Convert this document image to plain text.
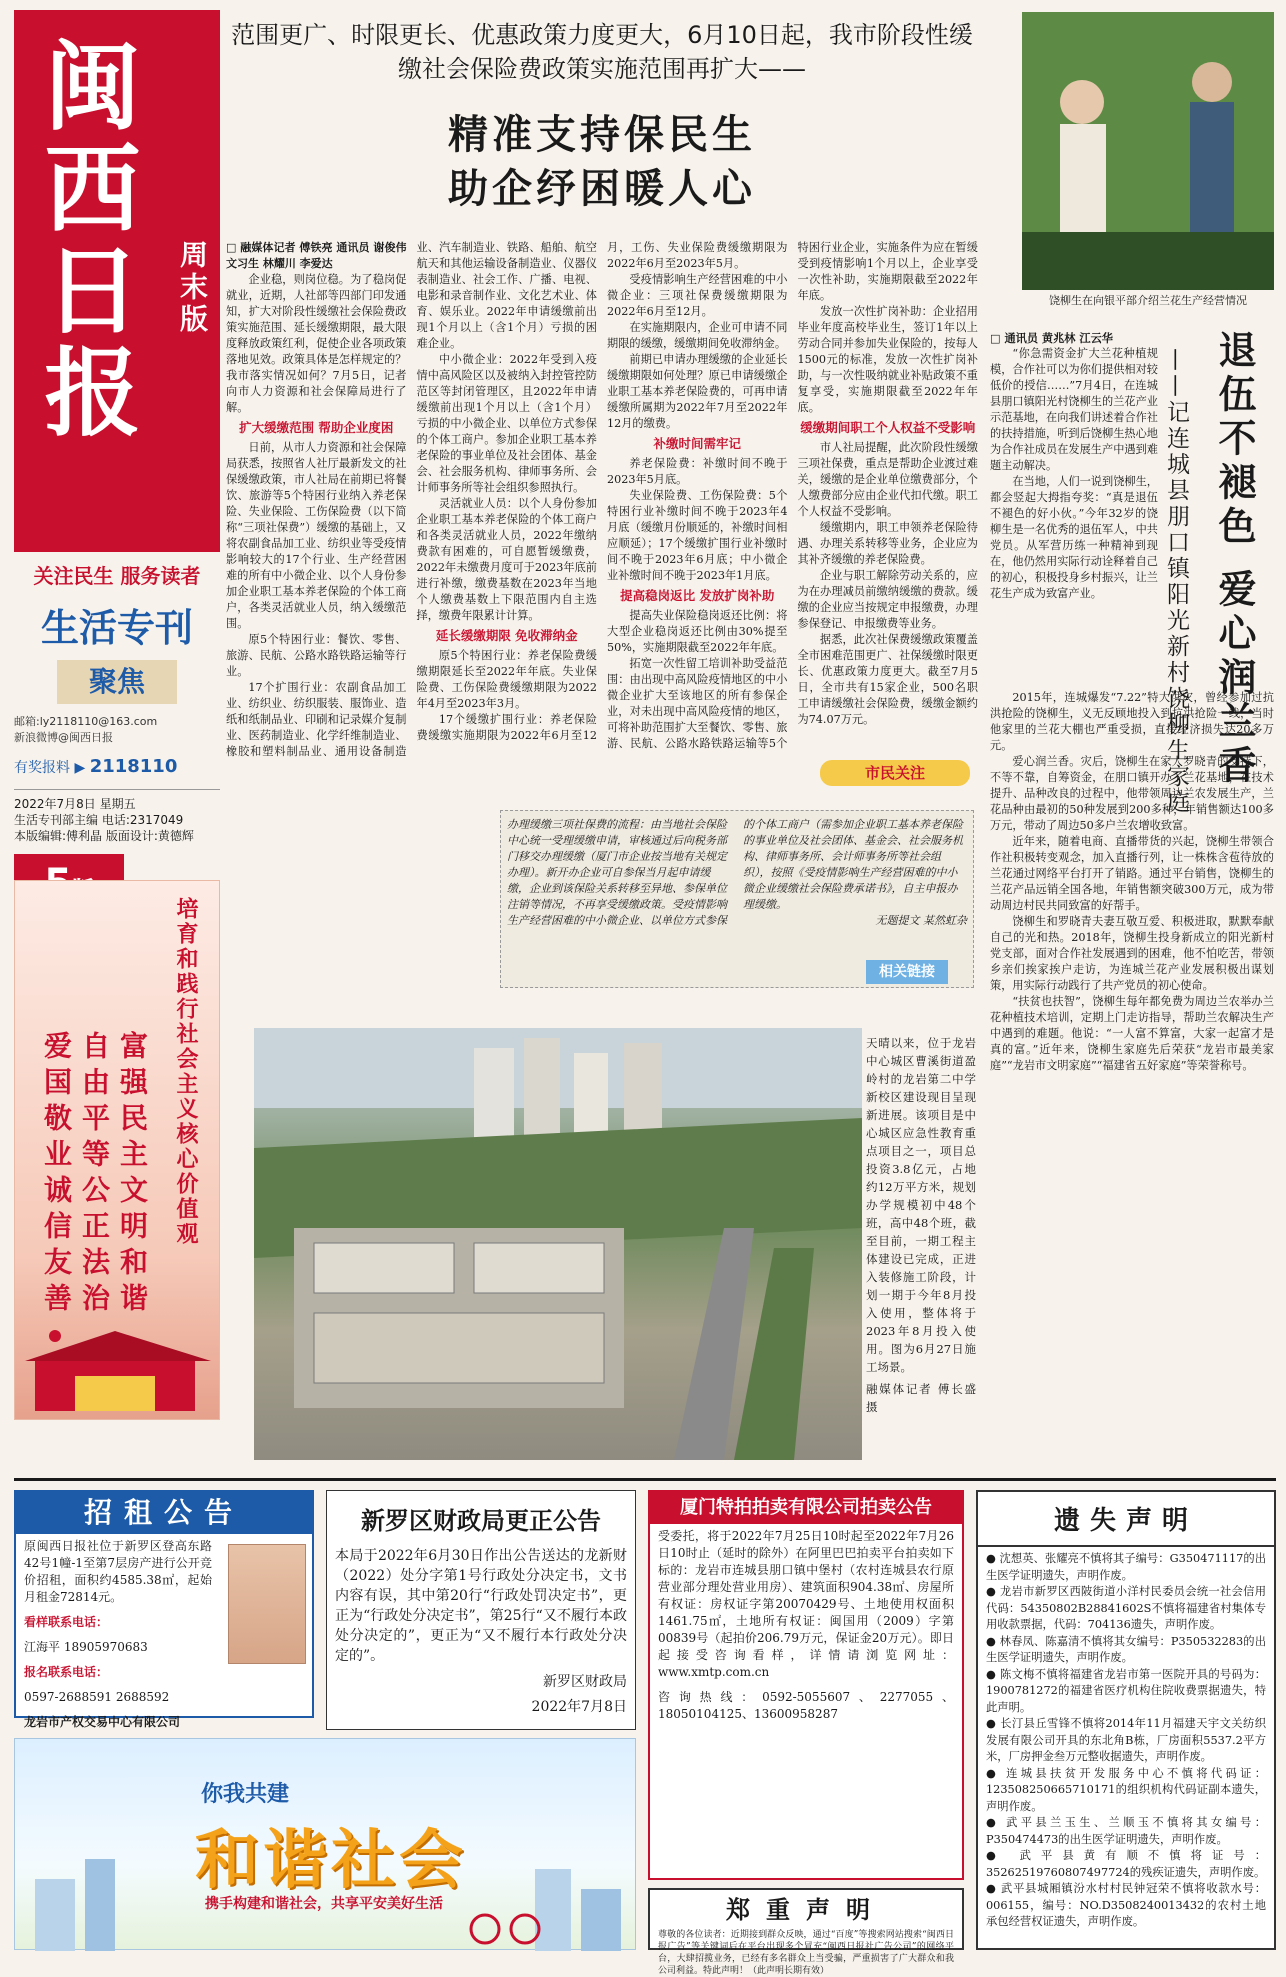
闽西日报 周末版
关注民生 服务读者
生活专刊
聚焦
邮箱:ly2118110@163.com
新浪微博@闽西日报
有奖报料 ▶ 2118110
2022年7月8日 星期五
生活专刊部主编 电话:2317049
本版编辑:傅利晶 版面设计:黄德辉
培育和践行社会主义核心价值观
富强民主文明和谐
自由平等公正法治
爱国敬业诚信友善
范围更广、时限更长、优惠政策力度更大，6月10日起，我市阶段性缓缴社会保险费政策实施范围再扩大——
精准支持保民生
助企纾困暖人心
□ 融媒体记者 傅铁亮 通讯员 谢俊伟 文习生 林耀川 李爱达

企业稳，则岗位稳。为了稳岗促就业，近期，人社部等四部门印发通知，扩大对阶段性缓缴社会保险费政策实施范围、延长缓缴期限，最大限度释放政策红利，促使企业各项政策落地见效。政策具体是怎样规定的？我市落实情况如何？7月5日，记者向市人力资源和社会保障局进行了解。

扩大缓缴范围 帮助企业度困

日前，从市人力资源和社会保障局获悉，按照省人社厅最新发文的社保缓缴政策，市人社局在前期已将餐饮、旅游等5个特困行业纳入养老保险、失业保险、工伤保险费（以下简称“三项社保费”）缓缴的基础上，又将农副食品加工业、纺织业等受疫情影响较大的17个行业、生产经营困难的所有中小微企业、以个人身份参加企业职工基本养老保险的个体工商户，各类灵活就业人员，纳入缓缴范围。

原5个特困行业：餐饮、零售、旅游、民航、公路水路铁路运输等行业。

17个扩围行业：农副食品加工业、纺织业、纺织服装、服饰业、造纸和纸制品业、印刷和记录媒介复制业、医药制造业、化学纤维制造业、橡胶和塑料制品业、通用设备制造业、汽车制造业、铁路、船舶、航空航天和其他运输设备制造业、仪器仪表制造业、社会工作、广播、电视、电影和录音制作业、文化艺术业、体育、娱乐业。2022年申请缓缴前出现1个月以上（含1个月）亏损的困难企业。

中小微企业：2022年受到入疫情中高风险区以及被纳入封控管控防范区等封闭管理区，且2022年申请缓缴前出现1个月以上（含1个月）亏损的中小微企业、以单位方式参保的个体工商户。参加企业职工基本养老保险的事业单位及社会团体、基金会、社会服务机构、律师事务所、会计师事务所等社会组织参照执行。

灵活就业人员：以个人身份参加企业职工基本养老保险的个体工商户和各类灵活就业人员，2022年缴纳费款有困难的，可自愿暂缓缴费，2022年未缴费月度可于2023年底前进行补缴，缴费基数在2023年当地个人缴费基数上下限范围内自主选择，缴费年限累计计算。

延长缓缴期限 免收滞纳金

原5个特困行业：养老保险费缓缴期限延长至2022年年底。失业保险费、工伤保险费缓缴期限为2022年4月至2023年3月。

17个缓缴扩围行业：养老保险费缓缴实施期限为2022年6月至12月，工伤、失业保险费缓缴期限为2022年6月至2023年5月。

受疫情影响生产经营困难的中小微企业：三项社保费缓缴期限为2022年6月至12月。

在实施期限内，企业可申请不同期限的缓缴，缓缴期间免收滞纳金。

前期已申请办理缓缴的企业延长缓缴期限如何处理？原已申请缓缴企业职工基本养老保险费的，可再申请缓缴所属期为2022年7月至2022年12月的缴费。

补缴时间需牢记

养老保险费：补缴时间不晚于2023年5月底。

失业保险费、工伤保险费：5个特困行业补缴时间不晚于2023年4月底（缓缴月份顺延的，补缴时间相应顺延）；17个缓缴扩围行业补缴时间不晚于2023年6月底；中小微企业补缴时间不晚于2023年1月底。

提高稳岗返比 发放扩岗补助

提高失业保险稳岗返还比例：将大型企业稳岗返还比例由30%提至50%，实施期限截至2022年年底。

拓宽一次性留工培训补助受益范围：由出现中高风险疫情地区的中小微企业扩大至该地区的所有参保企业，对未出现中高风险疫情的地区，可将补助范围扩大至餐饮、零售、旅游、民航、公路水路铁路运输等5个特困行业企业，实施条件为应在暂缓受到疫情影响1个月以上，企业享受一次性补助，实施期限截至2022年年底。

发放一次性扩岗补助：企业招用毕业年度高校毕业生，签订1年以上劳动合同并参加失业保险的，按每人1500元的标准，发放一次性扩岗补助，与一次性吸纳就业补贴政策不重复享受，实施期限截至2022年年底。

缓缴期间职工个人权益不受影响

市人社局提醒，此次阶段性缓缴三项社保费，重点是帮助企业渡过难关，缓缴的是企业单位缴费部分，个人缴费部分应由企业代扣代缴。职工个人权益不受影响。

缓缴期内，职工申领养老保险待遇、办理关系转移等业务，企业应为其补齐缓缴的养老保险费。

企业与职工解除劳动关系的，应为在办理减员前缴纳缓缴的费款。缓缴的企业应当按规定申报缴费，办理参保登记、申报缴费等业务。

据悉，此次社保费缓缴政策覆盖全市困难范围更广、社保缓缴时限更长、优惠政策力度更大。截至7月5日，全市共有15家企业，500名职工申请缓缴社会保险费，缓缴金额约为74.07万元。

市民关注
办理缓缴三项社保费的流程：由当地社会保险中心统一受理缓缴申请，审核通过后向税务部门移交办理缓缴（厦门市企业按当地有关规定办理）。新开办企业可自参保当月起申请缓缴，企业到该保险关系转移至异地、参保单位注销等情况，不再享受缓缴政策。受疫情影响生产经营困难的中小微企业、以单位方式参保的个体工商户（需参加企业职工基本养老保险的事业单位及社会团体、基金会、社会服务机构、律师事务所、会计师事务所等社会组织），按照《受疫情影响生产经营困难的中小微企业缓缴社会保险费承诺书》，自主申报办理缓缴。
无题提文 某然虹杂
相关链接
天晴以来，位于龙岩中心城区曹溪街道盈岭村的龙岩第二中学新校区建设现目呈现新进展。该项目是中心城区应急性教育重点项目之一，项目总投资3.8亿元，占地约12万平方米，规划办学规模初中48个班，高中48个班，截至目前，一期工程主体建设已完成，正进入装修施工阶段，计划一期于今年8月投入使用，整体将于2023年8月投入使用。图为6月27日施工场景。
融媒体记者 傅长盛 摄
饶柳生在向银平部介绍兰花生产经营情况
退伍不褪色 爱心润兰香
——记连城县朋口镇阳光新村饶柳生家庭
□ 通讯员 黄兆林 江云华

“你急需资金扩大兰花种植规模，合作社可以为你们提供相对较低价的授信……”7月4日，在连城县朋口镇阳光村饶柳生的兰花产业示范基地，在向我们讲述着合作社的扶持措施，听到后饶柳生热心地为合作社成员在发展生产中遇到难题主动解决。

在当地，人们一说到饶柳生，都会竖起大拇指夸奖：“真是退伍不褪色的好小伙。”今年32岁的饶柳生是一名优秀的退伍军人，中共党员。从军营历练一种精神到现在，他仍然用实际行动诠释着自己的初心，积极投身乡村振兴，让兰花生产成为致富产业。

2015年，连城爆发“7.22”特大洪灾，曾经参加过抗洪抢险的饶柳生，义无反顾地投入到抗洪抢险一线，当时他家里的兰花大棚也严重受损，直接经济损失达20多万元。

爱心润兰香。灾后，饶柳生在家人罗晓青的支持下，不等不靠，自筹资金，在朋口镇开办了兰花基地，在技术提升、品种改良的过程中，他带领周边兰农发展生产，兰花品种由最初的50种发展到200多种，年销售额达100多万元，带动了周边50多户兰农增收致富。

近年来，随着电商、直播带货的兴起，饶柳生带领合作社积极转变观念，加入直播行列，让一株株含苞待放的兰花通过网络平台打开了销路。通过平台销售，饶柳生的兰花产品远销全国各地，年销售额突破300万元，成为带动周边村民共同致富的好帮手。

饶柳生和罗晓青夫妻互敬互爱、积极进取，默默奉献自己的光和热。2018年，饶柳生投身新成立的阳光新村党支部，面对合作社发展遇到的困难，他不怕吃苦，带领乡亲们挨家挨户走访，为连城兰花产业发展积极出谋划策，用实际行动践行了共产党员的初心使命。

“扶贫也扶智”，饶柳生每年都免费为周边兰农举办兰花种植技术培训，定期上门走访指导，帮助兰农解决生产中遇到的难题。他说：“一人富不算富，大家一起富才是真的富。”近年来，饶柳生家庭先后荣获“龙岩市最美家庭”“龙岩市文明家庭”“福建省五好家庭”等荣誉称号。

招租公告
原闽西日报社位于新罗区登高东路42号1幢-1至第7层房产进行公开竞价招租，面积约4585.38㎡，起始月租金72814元。
看样联系电话：
江海平 18905970683
报名联系电话：
0597-2688591 2688592
龙岩市产权交易中心有限公司
新罗区财政局更正公告
本局于2022年6月30日作出公告送达的龙新财（2022）处分字第1号行政处分决定书，文书内容有误，其中第20行“行政处罚决定书”，更正为“行政处分决定书”，第25行“又不履行本政处分决定的”，更正为“又不履行本行政处分决定的”。
新罗区财政局
2022年7月8日
厦门特拍拍卖有限公司拍卖公告
受委托，将于2022年7月25日10时起至2022年7月26日10时止（延时的除外）在阿里巴巴拍卖平台拍卖如下标的：龙岩市连城县朋口镇中堡村（农村连城县农行原营业部分理处营业用房）、建筑面积904.38㎡、房屋所有权证：房权证字第20070429号、土地使用权面积1461.75㎡，土地所有权证：闽国用（2009）字第00839号（起拍价206.79万元，保证金20万元）。即日起接受咨询看样，详情请浏览网址：www.xmtp.com.cn
咨询热线：0592-5055607、2277055、18050104125、13600958287
郑重声明
尊敬的各位读者：近期接到群众反映，通过“百度”等搜索网站搜索“闽西日报广告”等关键词后在平台出现多个冒充“闽西日报社广告公司”的网络平台，大肆招揽业务，已经有多名群众上当受骗，严重损害了广大群众和我公司利益。特此声明！（此声明长期有效）
遗失声明
● 沈想英、张耀亮不慎将其子编号：G350471117的出生医学证明遗失，声明作废。
● 龙岩市新罗区西陂街道小洋村民委员会统一社会信用代码：54350802B28841602S不慎将福建省村集体专用收款票据，代码：704136遗失，声明作废。
● 林春凤、陈嘉清不慎将其女编号：P350532283的出生医学证明遗失，声明作废。
● 陈文梅不慎将福建省龙岩市第一医院开具的号码为：1900781272的福建省医疗机构住院收费票据遗失，特此声明。
● 长汀县丘雪锋不慎将2014年11月福建天宇文关纺织发展有限公司开具的东北角B栋，厂房面积5537.2平方米，厂房押金叁万元整收据遗失，声明作废。
● 连城县扶贫开发服务中心不慎将代码证：123508250665710171的组织机构代码证副本遗失，声明作废。
● 武平县兰玉生、兰顺玉不慎将其女编号：P350474473的出生医学证明遗失，声明作废。
● 武平县黄有顺不慎将证号：35262519760807497724的残疾证遗失，声明作废。
● 武平县城厢镇汾水村村民钟冠荣不慎将收款水号：006155，编号：NO.D3508240013432的农村土地承包经营权证遗失，声明作废。
你我共建
和谐社会
携手构建和谐社会，共享平安美好生活
